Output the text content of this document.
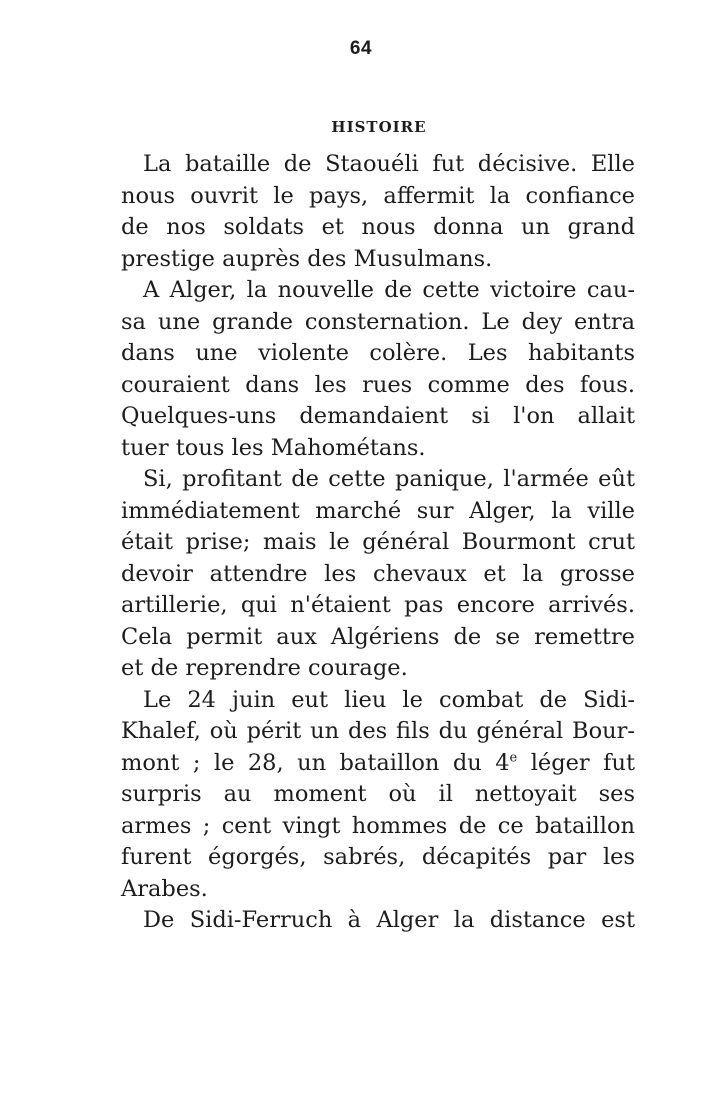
64
HISTOIRE
La bataille de Staouéli fut décisive. Elle
nous ouvrit le pays, affermit la confiance
de nos soldats et nous donna un grand
prestige auprès des Musulmans.
A Alger, la nouvelle de cette victoire cau-
sa une grande consternation. Le dey entra
dans une violente colère. Les habitants
couraient dans les rues comme des fous.
Quelques-uns demandaient si l'on allait
tuer tous les Mahométans.
Si, profitant de cette panique, l'armée eût
immédiatement marché sur Alger, la ville
était prise; mais le général Bourmont crut
devoir attendre les chevaux et la grosse
artillerie, qui n'étaient pas encore arrivés.
Cela permit aux Algériens de se remettre
et de reprendre courage.
Le 24 juin eut lieu le combat de Sidi-
Khalef, où périt un des fils du général Bour-
mont ; le 28, un bataillon du 4e léger fut
surpris au moment où il nettoyait ses
armes ; cent vingt hommes de ce bataillon
furent égorgés, sabrés, décapités par les
Arabes.
De Sidi-Ferruch à Alger la distance est
